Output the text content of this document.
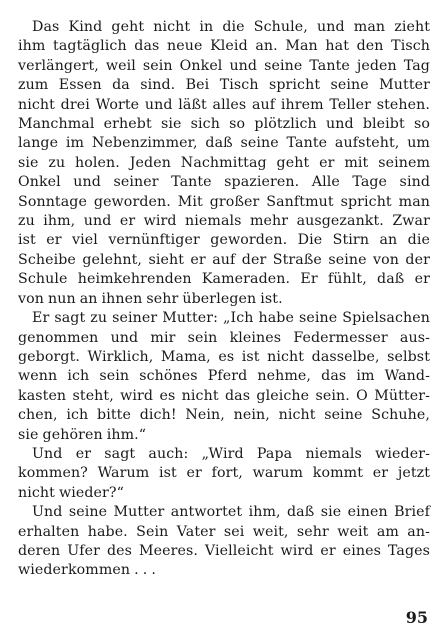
Das Kind geht nicht in die Schule, und man zieht
ihm tagtäglich das neue Kleid an. Man hat den Tisch
verlängert, weil sein Onkel und seine Tante jeden Tag
zum Essen da sind. Bei Tisch spricht seine Mutter
nicht drei Worte und läßt alles auf ihrem Teller stehen.
Manchmal erhebt sie sich so plötzlich und bleibt so
lange im Nebenzimmer, daß seine Tante aufsteht, um
sie zu holen. Jeden Nachmittag geht er mit seinem
Onkel und seiner Tante spazieren. Alle Tage sind
Sonntage geworden. Mit großer Sanftmut spricht man
zu ihm, und er wird niemals mehr ausgezankt. Zwar
ist er viel vernünftiger geworden. Die Stirn an die
Scheibe gelehnt, sieht er auf der Straße seine von der
Schule heimkehrenden Kameraden. Er fühlt, daß er
von nun an ihnen sehr überlegen ist.

Er sagt zu seiner Mutter: „Ich habe seine Spielsachen
genommen und mir sein kleines Federmesser aus-
geborgt. Wirklich, Mama, es ist nicht dasselbe, selbst
wenn ich sein schönes Pferd nehme, das im Wand-
kasten steht, wird es nicht das gleiche sein. O Mütter-
chen, ich bitte dich! Nein, nein, nicht seine Schuhe,
sie gehören ihm.“

Und er sagt auch: „Wird Papa niemals wieder-
kommen? Warum ist er fort, warum kommt er jetzt
nicht wieder?“

Und seine Mutter antwortet ihm, daß sie einen Brief
erhalten habe. Sein Vater sei weit, sehr weit am an-
deren Ufer des Meeres. Vielleicht wird er eines Tages
wiederkommen . . .

95
